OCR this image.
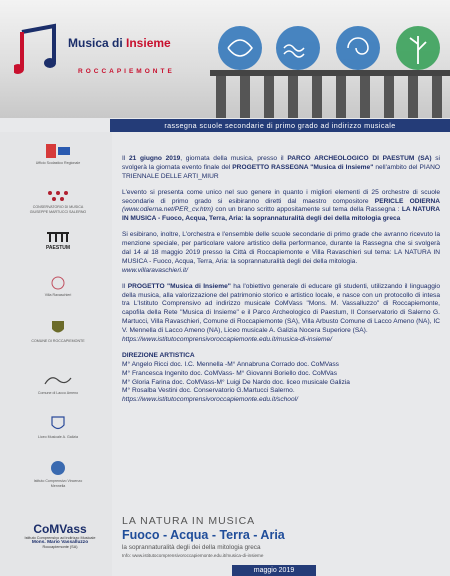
Musica di Insieme
ROCCAPIEMONTE
rassegna scuole secondarie di primo grado ad indirizzo musicale
Ufficio Scolastico Regionale
CONSERVATORIO DI MUSICA GIUSEPPE MARTUCCI SALERNO
PAESTUM
Villa Ravaschieri
COMUNE DI ROCCAPIEMONTE
Comune di Lacco Ameno
Liceo Musicale A. Galizia
Istituto Comprensivo Vincenzo Mennella
CoMVass
Istituto Comprensivo ad indirizzo Musicale
Mons. Mario Vassalluzzo
Roccapiemonte (SA)

Il 21 giugno 2019, giornata della musica, presso il PARCO ARCHEOLOGICO DI PAESTUM (SA) si svolgerà la giornata evento finale del PROGETTO RASSEGNA "Musica di Insieme" nell'ambito del PIANO TRIENNALE DELLE ARTI_MIUR

L'evento si presenta come unico nel suo genere in quanto i migliori elementi di 25 orchestre di scuole secondarie di primo grado si esibiranno diretti dal maestro compositore PERICLE ODIERNA (www.odierna.net/PER_cv.htm) con un brano scritto appositamente sul tema della Rassegna : LA NATURA IN MUSICA - Fuoco, Acqua, Terra, Aria: la soprannaturalità degli dei della mitologia greca

Si esibirano, inoltre, L'orchestra e l'ensemble delle scuole secondarie di primo grade che avranno ricevuto la menzione speciale, per particolare valore artistico della performance, durante la Rassegna che si svolgerà dal 14 al 18 maggio 2019 presso la Città di Roccapiemonte e Villa Ravaschieri sul tema: LA NATURA IN MUSICA - Fuoco, Acqua, Terra, Aria: la soprannaturalità degli dei della mitologia.
www.villaravaschieri.it/

Il PROGETTO "Musica di Insieme" ha l'obiettivo generale di educare gli studenti, utilizzando il linguaggio della musica, alla valorizzazione del patrimonio storico e artistico locale, e nasce con un protocollo di intesa tra L'Istituto Comprensivo ad indirizzo musicale CoMVass "Mons. M. Vassalluzzo" di Roccapiemonte, capofila della Rete "Musica di Insieme" e il Parco Archeologico di Paestum, Il Conservatorio di Salerno G. Martucci, Villa Ravaschieri, Comune di Roccapiemonte (SA), Villa Arbusto Comune di Lacco Ameno (NA), IC V. Mennella di Lacco Ameno (NA), Liceo musicale A. Galizia Nocera Superiore (SA).
https://www.istitutocomprensivoroccapiemonte.edu.it/musica-di-insieme/

DIREZIONE ARTISTICA
M° Angelo Ricci doc. I.C. Mennella -M° Annabruna Corrado doc. CoMVass
M° Francesca Ingenito doc. CoMVass- M° Giovanni Boriello doc. CoMVas
M° Gloria Farina doc. CoMVass-M° Luigi De Nardo doc. liceo musicale Galizia
M° Rosalba Vestini doc. Conservatorio G.Martucci Salerno.
https://www.istitutocomprensivoroccapiemonte.edu.it/school/
LA NATURA IN MUSICA
Fuoco - Acqua - Terra - Aria
la soprannaturalità degli dei della mitologia greca
Info: www.istitutocomprensivoroccapiemonte.edu.it/musica-di-insieme
maggio 2019
